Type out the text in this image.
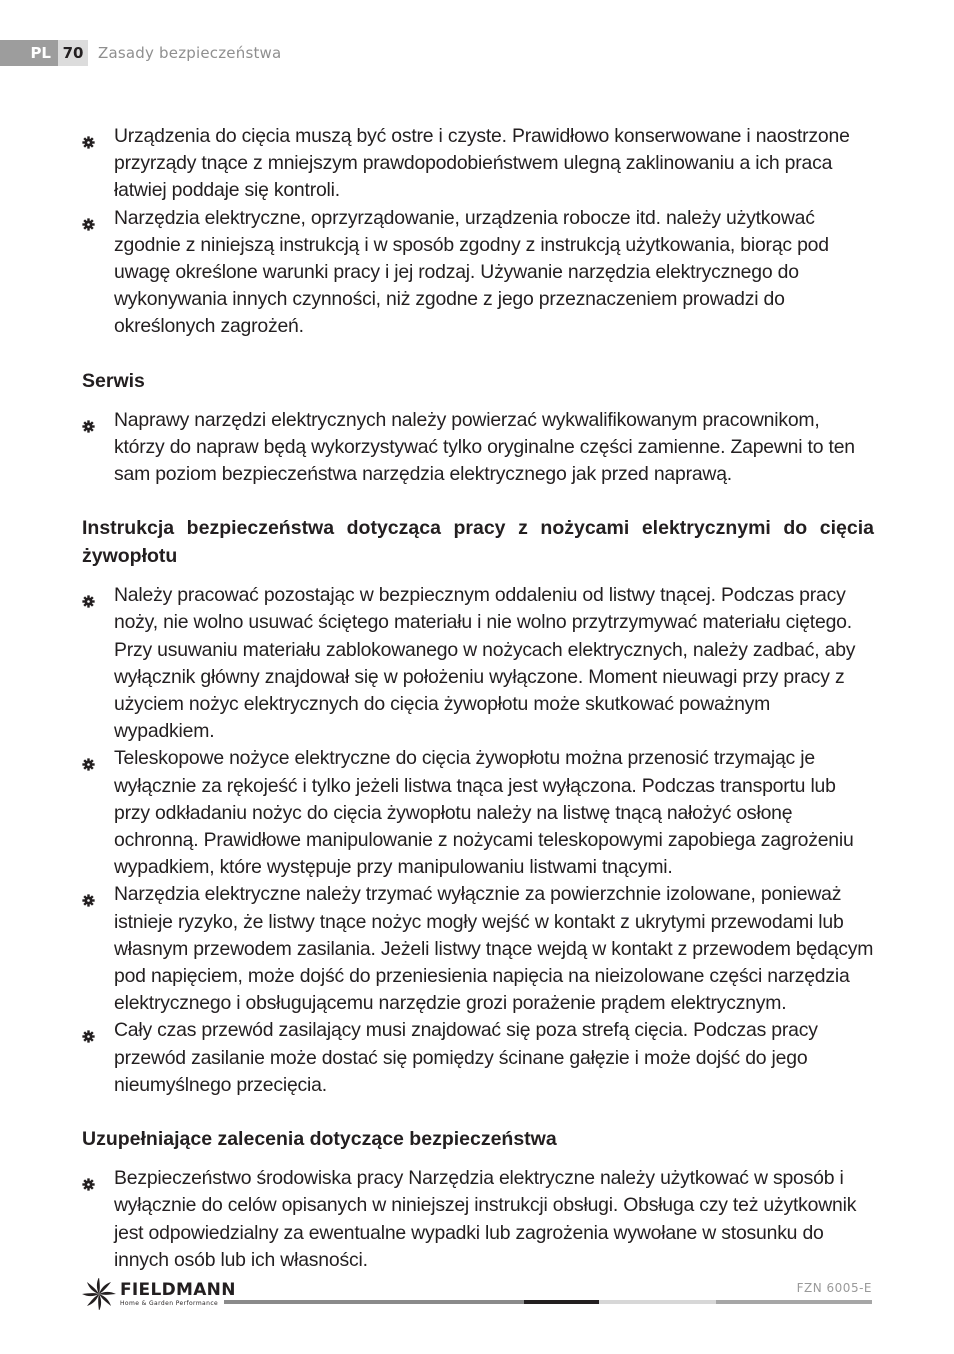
PL 70 Zasady bezpieczeństwa
Urządzenia do cięcia muszą być ostre i czyste. Prawidłowo konserwowane i naostrzone przyrządy tnące z mniejszym prawdopodobieństwem ulegną zaklinowaniu a ich praca łatwiej poddaje się kontroli.
Narzędzia elektryczne, oprzyrządowanie, urządzenia robocze itd. należy użytkować zgodnie z niniejszą instrukcją i w sposób zgodny z instrukcją użytkowania, biorąc pod uwagę określone warunki pracy i jej rodzaj. Używanie narzędzia elektrycznego do wykonywania innych czynności, niż zgodne z jego przeznaczeniem prowadzi do określonych zagrożeń.
Serwis
Naprawy narzędzi elektrycznych należy powierzać wykwalifikowanym pracownikom, którzy do napraw będą wykorzystywać tylko oryginalne części zamienne. Zapewni to ten sam poziom bezpieczeństwa narzędzia elektrycznego jak przed naprawą.
Instrukcja bezpieczeństwa dotycząca pracy z nożycami elektrycznymi do cięcia żywopłotu
Należy pracować pozostając w bezpiecznym oddaleniu od listwy tnącej. Podczas pracy noży, nie wolno usuwać ściętego materiału i nie wolno przytrzymywać materiału ciętego. Przy usuwaniu materiału zablokowanego w nożycach elektrycznych, należy zadbać, aby wyłącznik główny znajdował się w położeniu wyłączone. Moment nieuwagi przy pracy z użyciem nożyc elektrycznych do cięcia żywopłotu może skutkować poważnym wypadkiem.
Teleskopowe nożyce elektryczne do cięcia żywopłotu można przenosić trzymając je wyłącznie za rękojeść i tylko jeżeli listwa tnąca jest wyłączona. Podczas transportu lub przy odkładaniu nożyc do cięcia żywopłotu należy na listwę tnącą nałożyć osłonę ochronną. Prawidłowe manipulowanie z nożycami teleskopowymi zapobiega zagrożeniu wypadkiem, które występuje przy manipulowaniu listwami tnącymi.
Narzędzia elektryczne należy trzymać wyłącznie za powierzchnie izolowane, ponieważ istnieje ryzyko, że listwy tnące nożyc mogły wejść w kontakt z ukrytymi przewodami lub własnym przewodem zasilania. Jeżeli listwy tnące wejdą w kontakt z przewodem będącym pod napięciem, może dojść do przeniesienia napięcia na nieizolowane części narzędzia elektrycznego i obsługującemu narzędzie grozi porażenie prądem elektrycznym.
Cały czas przewód zasilający musi znajdować się poza strefą cięcia. Podczas pracy przewód zasilanie może dostać się pomiędzy ścinane gałęzie i może dojść do jego nieumyślnego przecięcia.
Uzupełniające zalecenia dotyczące bezpieczeństwa
Bezpieczeństwo środowiska pracy Narzędzia elektryczne należy użytkować w sposób i wyłącznie do celów opisanych w niniejszej instrukcji obsługi. Obsługa czy też użytkownik jest odpowiedzialny za ewentualne wypadki lub zagrożenia wywołane w stosunku do innych osób lub ich własności.
FIELDMANN
Home & Garden Performance
FZN 6005-E
